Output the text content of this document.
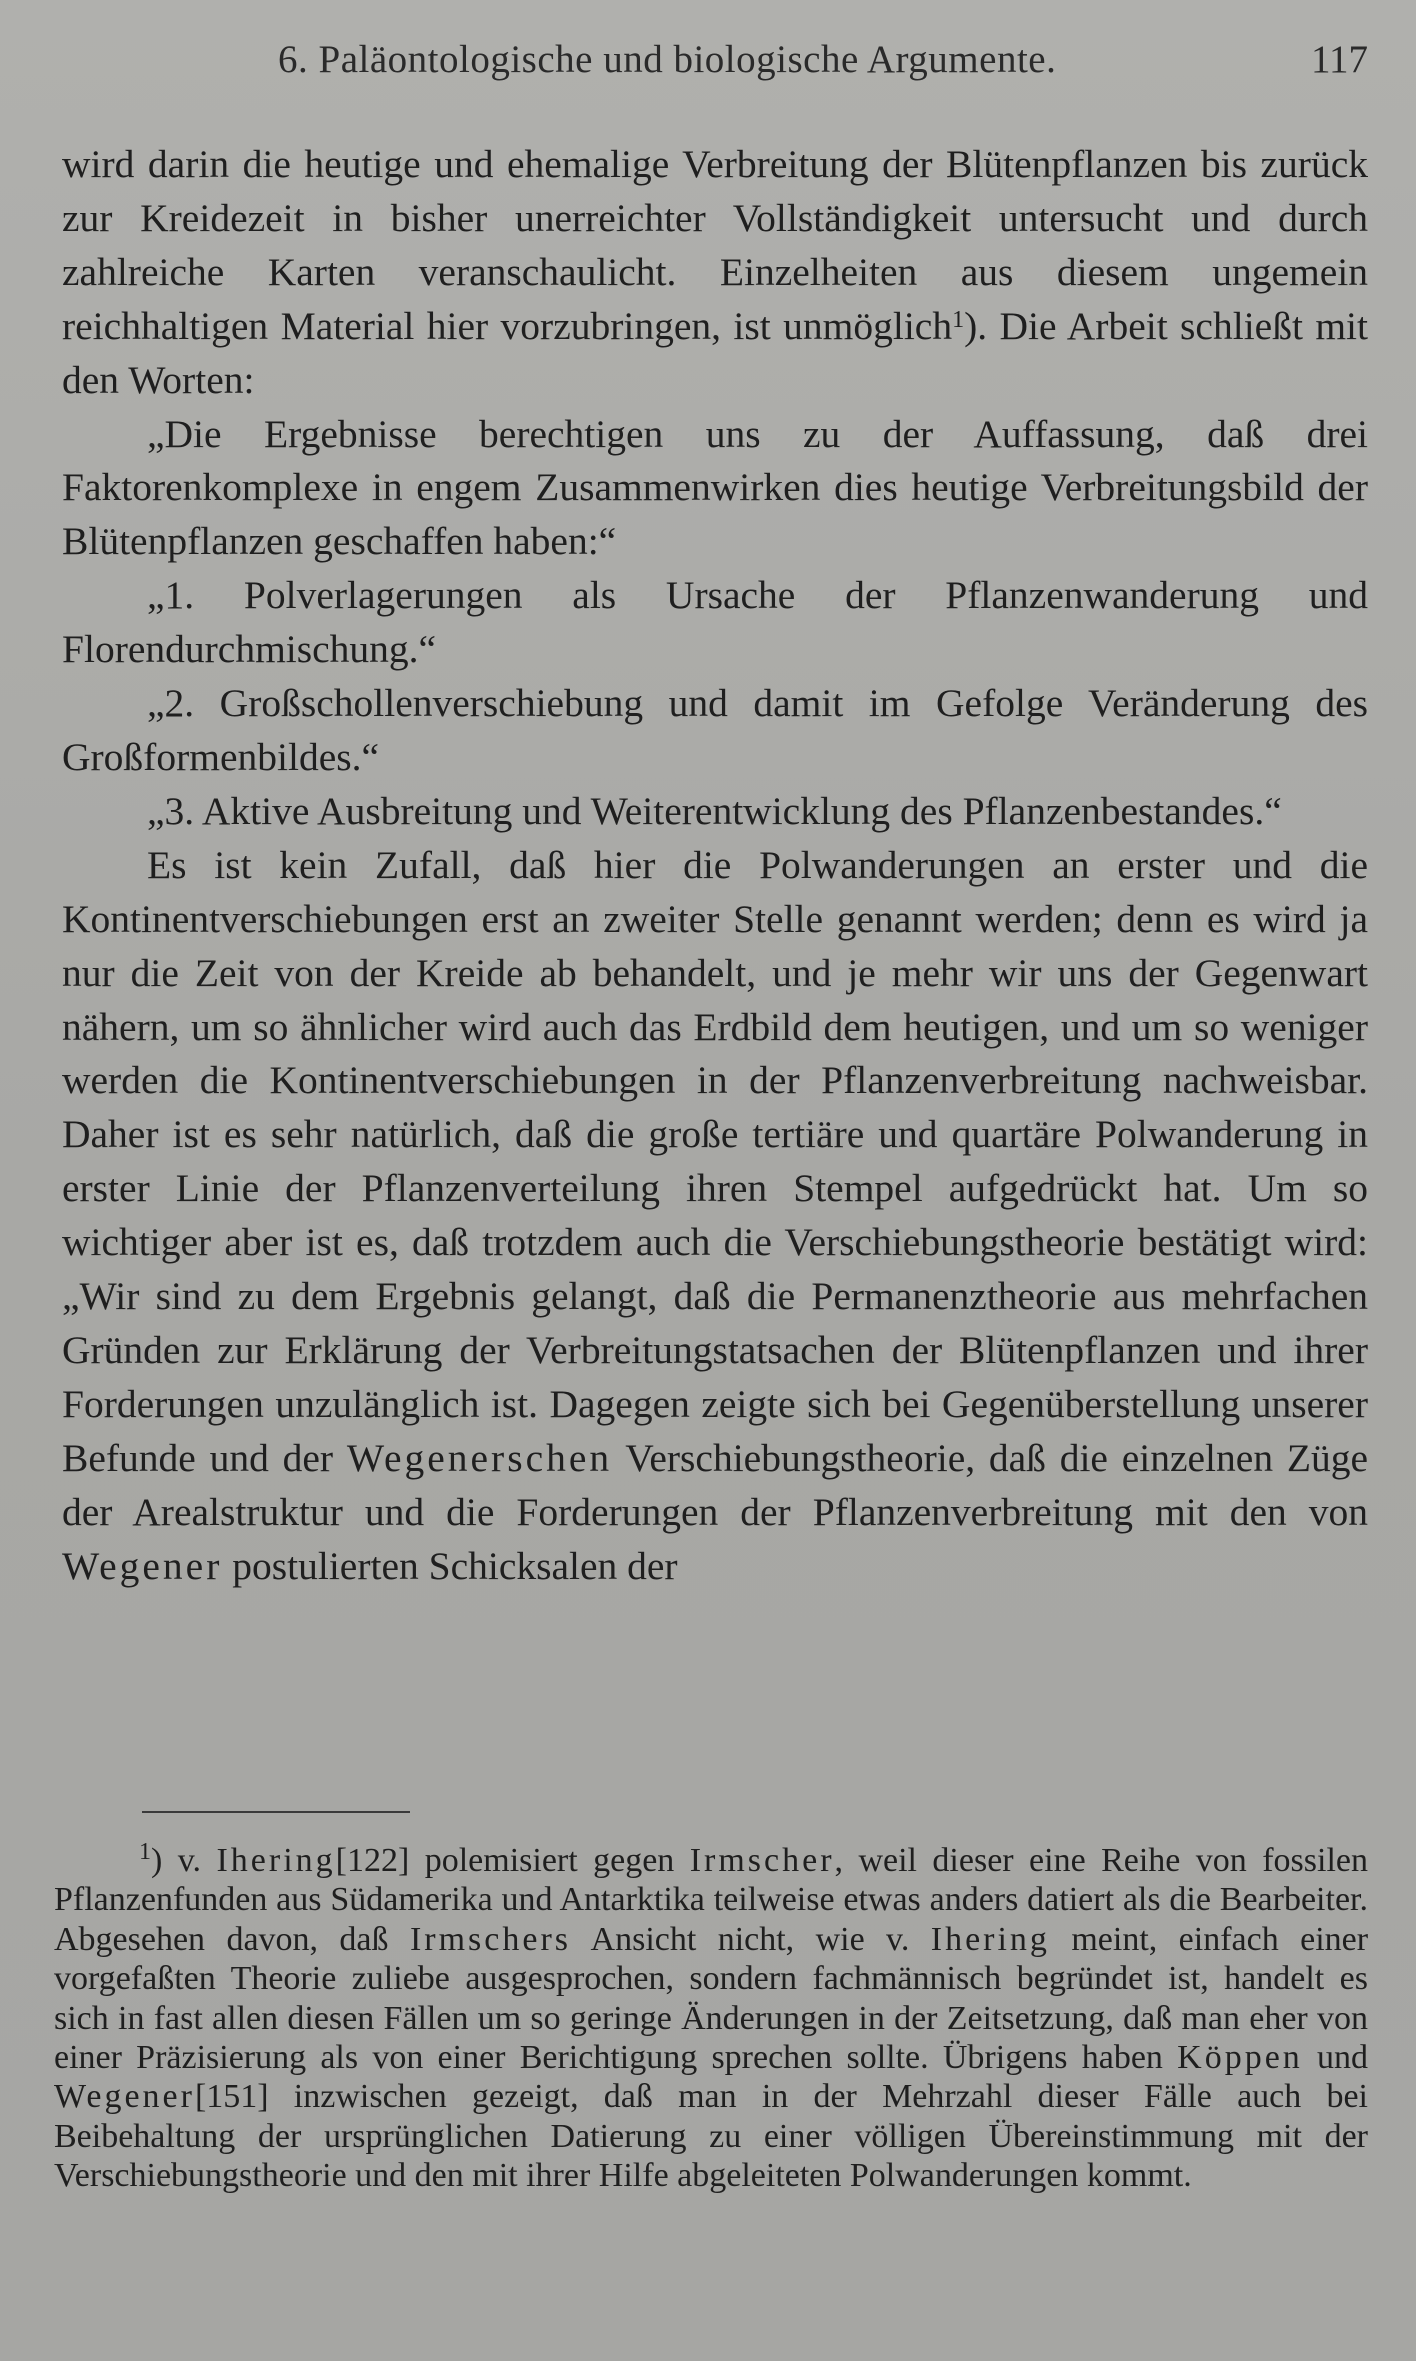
6. Paläontologische und biologische Argumente.	117

wird darin die heutige und ehemalige Verbreitung der Blütenpflanzen bis zurück zur Kreidezeit in bisher unerreichter Vollständigkeit untersucht und durch zahlreiche Karten veranschaulicht. Einzelheiten aus diesem ungemein reichhaltigen Material hier vorzubringen, ist unmöglich$^1$). Die Arbeit schließt mit den Worten:

„Die Ergebnisse berechtigen uns zu der Auffassung, daß drei Faktorenkomplexe in engem Zusammenwirken dies heutige Verbreitungsbild der Blütenpflanzen geschaffen haben:“

„1. Polverlagerungen als Ursache der Pflanzenwanderung und Florendurchmischung.“

„2. Großschollenverschiebung und damit im Gefolge Veränderung des Großformenbildes.“

„3. Aktive Ausbreitung und Weiterentwicklung des Pflanzenbestandes.“

Es ist kein Zufall, daß hier die Polwanderungen an erster und die Kontinentverschiebungen erst an zweiter Stelle genannt werden; denn es wird ja nur die Zeit von der Kreide ab behandelt, und je mehr wir uns der Gegenwart nähern, um so ähnlicher wird auch das Erdbild dem heutigen, und um so weniger werden die Kontinentverschiebungen in der Pflanzenverbreitung nachweisbar. Daher ist es sehr natürlich, daß die große tertiäre und quartäre Polwanderung in erster Linie der Pflanzenverteilung ihren Stempel aufgedrückt hat. Um so wichtiger aber ist es, daß trotzdem auch die Verschiebungstheorie bestätigt wird: „Wir sind zu dem Ergebnis gelangt, daß die Permanenztheorie aus mehrfachen Gründen zur Erklärung der Verbreitungstatsachen der Blütenpflanzen und ihrer Forderungen unzulänglich ist. Dagegen zeigte sich bei Gegenüberstellung unserer Befunde und der Wegenerschen Verschiebungstheorie, daß die einzelnen Züge der Arealstruktur und die Forderungen der Pflanzenverbreitung mit den von Wegener postulierten Schicksalen der

$^1$) v. Ihering[122] polemisiert gegen Irmscher, weil dieser eine Reihe von fossilen Pflanzenfunden aus Südamerika und Antarktika teilweise etwas anders datiert als die Bearbeiter. Abgesehen davon, daß Irmschers Ansicht nicht, wie v. Ihering meint, einfach einer vorgefaßten Theorie zuliebe ausgesprochen, sondern fachmännisch begründet ist, handelt es sich in fast allen diesen Fällen um so geringe Änderungen in der Zeitsetzung, daß man eher von einer Präzisierung als von einer Berichtigung sprechen sollte. Übrigens haben Köppen und Wegener[151] inzwischen gezeigt, daß man in der Mehrzahl dieser Fälle auch bei Beibehaltung der ursprünglichen Datierung zu einer völligen Übereinstimmung mit der Verschiebungstheorie und den mit ihrer Hilfe abgeleiteten Polwanderungen kommt.
